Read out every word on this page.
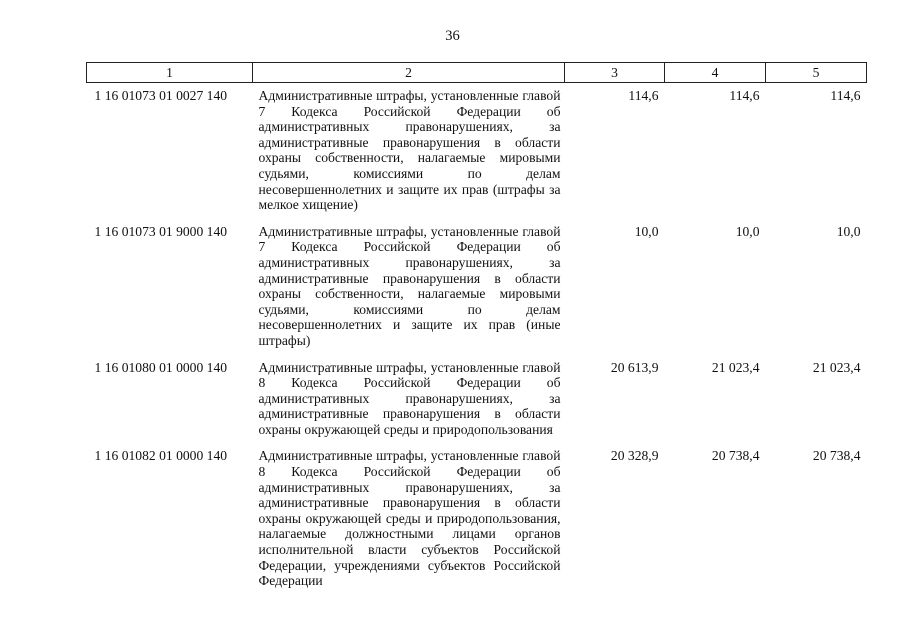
36
1	2	3	4	5
1 16 01073 01 0027 140	Административные штрафы, установленные главой 7 Кодекса Российской Федерации об административных правонарушениях, за административные правонарушения в области охраны собственности, налагаемые мировыми судьями, комиссиями по делам несовершеннолетних и защите их прав (штрафы за мелкое хищение)	114,6	114,6	114,6
1 16 01073 01 9000 140	Административные штрафы, установленные главой 7 Кодекса Российской Федерации об административных правонарушениях, за административные правонарушения в области охраны собственности, налагаемые мировыми судьями, комиссиями по делам несовершеннолетних и защите их прав (иные штрафы)	10,0	10,0	10,0
1 16 01080 01 0000 140	Административные штрафы, установленные главой 8 Кодекса Российской Федерации об административных правонарушениях, за административные правонарушения в области охраны окружающей среды и природопользования	20 613,9	21 023,4	21 023,4
1 16 01082 01 0000 140	Административные штрафы, установленные главой 8 Кодекса Российской Федерации об административных правонарушениях, за административные правонарушения в области охраны окружающей среды и природопользования, налагаемые должностными лицами органов исполнительной власти субъектов Российской Федерации, учреждениями субъектов Российской Федерации	20 328,9	20 738,4	20 738,4
